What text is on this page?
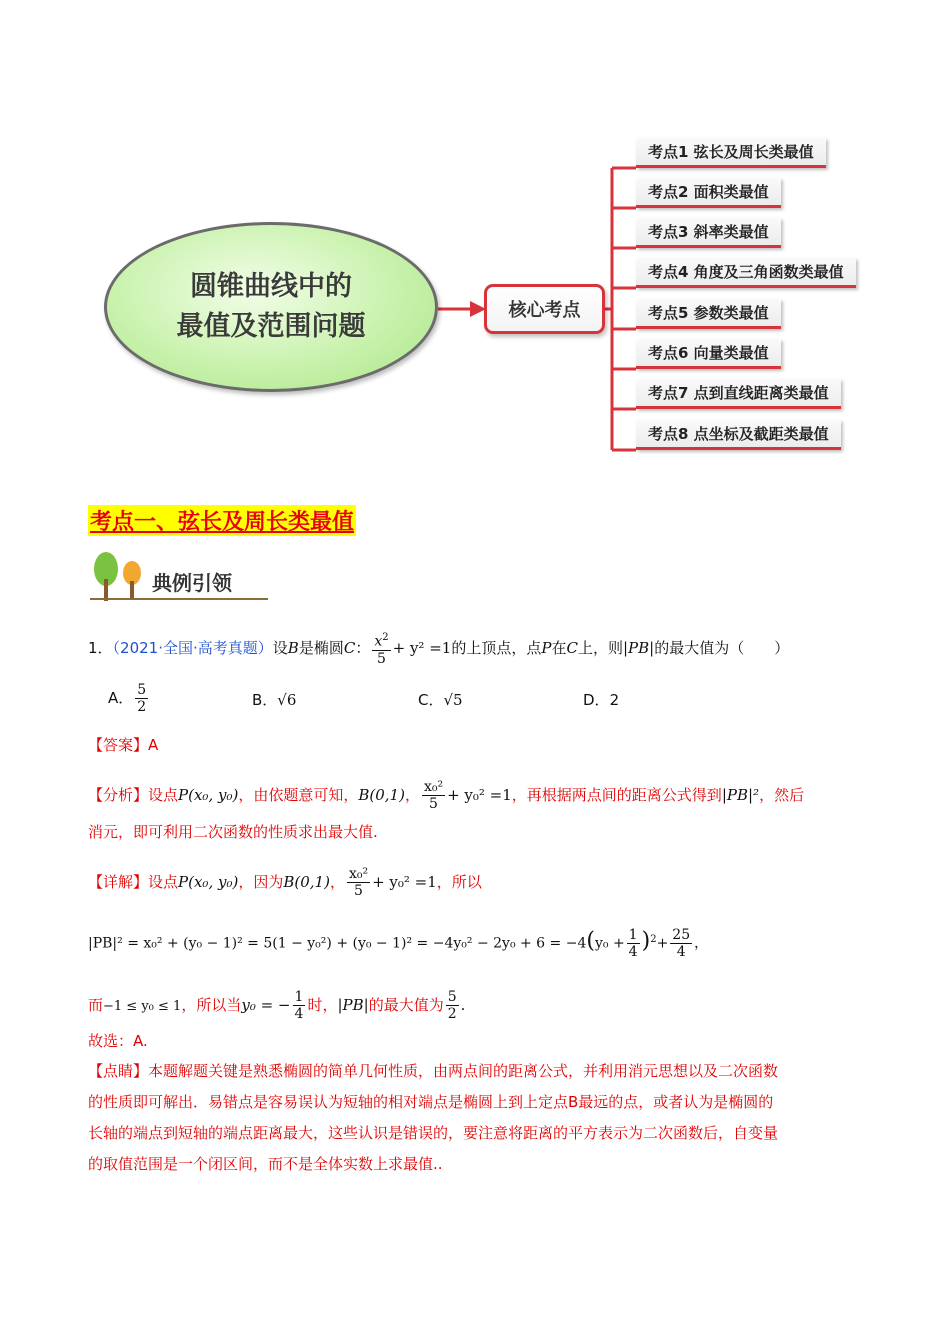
圆锥曲线中的
最值及范围问题
核心考点
考点1 弦长及周长类最值
考点2 面积类最值
考点3 斜率类最值
考点4 角度及三角函数类最值
考点5 参数类最值
考点6 向量类最值
考点7 点到直线距离类最值
考点8 点坐标及截距类最值
考点一、弦长及周长类最值
典例引领
1．（2021·全国·高考真题）设B是椭圆C： $\frac{x^2}{5} + y^2 =1$的上顶点，点P在C上，则|PB|的最大值为（　　）
A． $\frac{5}{2}$	B．√6	C．√5	D．2
【答案】A
【分析】设点P(x₀, y₀)，由依题意可知，B(0,1)， $\frac{\text{x₀²}}{5} + y_0^2 =1$，再根据两点间的距离公式得到|PB|²，然后
消元，即可利用二次函数的性质求出最大值.
【详解】设点P(x₀, y₀)，因为B(0,1)， $\frac{\text{x₀²}}{5} + y_0^2 =1$，所以
$|PB|^2 = x_0^2 + (y_0 - 1)^2 = 5(1 - y_0^2) + (y_0 - 1)^2 = -4y_0^2 - 2y_0 + 6 = -4(y_0 + \frac{1}{4} )^2+ \frac{25}{4}$ ，
而−1 ≤ y₀ ≤ 1，所以当y₀ = − $\frac{1}{4}$ 时，|PB|的最大值为 $\frac{5}{2}$ .
故选：A.
【点睛】本题解题关键是熟悉椭圆的简单几何性质，由两点间的距离公式，并利用消元思想以及二次函数
的性质即可解出．易错点是容易误认为短轴的相对端点是椭圆上到上定点B最远的点，或者认为是椭圆的
长轴的端点到短轴的端点距离最大，这些认识是错误的，要注意将距离的平方表示为二次函数后，自变量
的取值范围是一个闭区间，而不是全体实数上求最值..
